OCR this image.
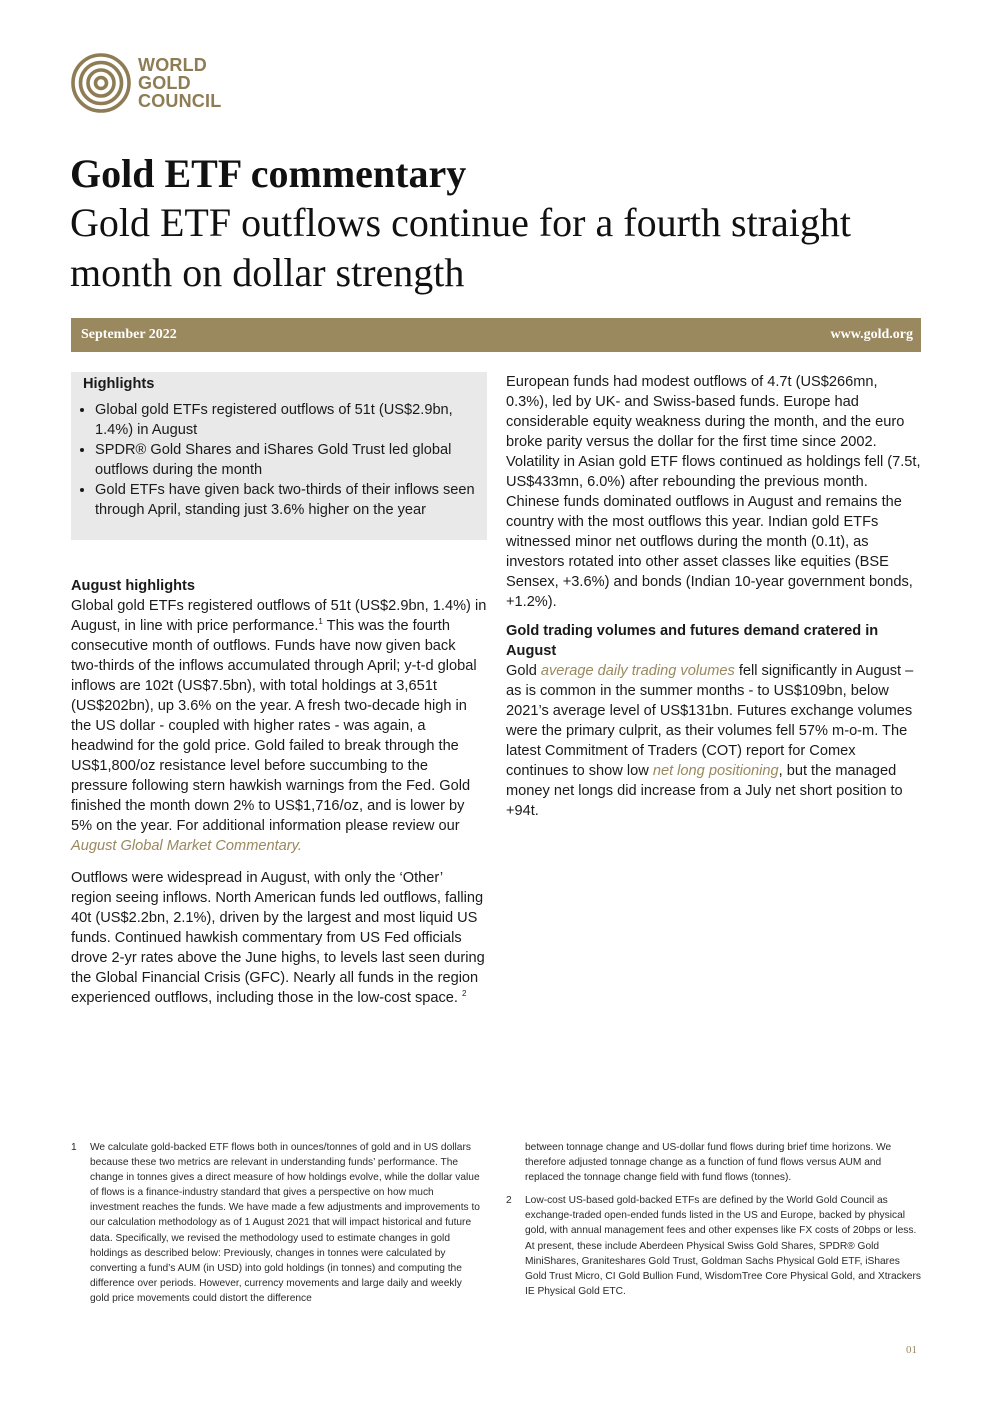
WORLD
GOLD
COUNCIL
Gold ETF commentary
Gold ETF outflows continue for a fourth straight month on dollar strength
September 2022	www.gold.org
Highlights
• Global gold ETFs registered outflows of 51t (US$2.9bn, 1.4%) in August
• SPDR® Gold Shares and iShares Gold Trust led global outflows during the month
• Gold ETFs have given back two-thirds of their inflows seen through April, standing just 3.6% higher on the year

August highlights

Global gold ETFs registered outflows of 51t (US$2.9bn, 1.4%) in August, in line with price performance.$^1$ This was the fourth consecutive month of outflows. Funds have now given back two-thirds of the inflows accumulated through April; y-t-d global inflows are 102t (US$7.5bn), with total holdings at 3,651t (US$202bn), up 3.6% on the year. A fresh two-decade high in the US dollar - coupled with higher rates - was again, a headwind for the gold price. Gold failed to break through the US$1,800/oz resistance level before succumbing to the pressure following stern hawkish warnings from the Fed. Gold finished the month down 2% to US$1,716/oz, and is lower by 5% on the year. For additional information please review our August Global Market Commentary.

Outflows were widespread in August, with only the ‘Other’ region seeing inflows. North American funds led outflows, falling 40t (US$2.2bn, 2.1%), driven by the largest and most liquid US funds. Continued hawkish commentary from US Fed officials drove 2-yr rates above the June highs, to levels last seen during the Global Financial Crisis (GFC). Nearly all funds in the region experienced outflows, including those in the low-cost space. $^2$

European funds had modest outflows of 4.7t (US$266mn, 0.3%), led by UK- and Swiss-based funds. Europe had considerable equity weakness during the month, and the euro broke parity versus the dollar for the first time since 2002. Volatility in Asian gold ETF flows continued as holdings fell (7.5t, US$433mn, 6.0%) after rebounding the previous month. Chinese funds dominated outflows in August and remains the country with the most outflows this year. Indian gold ETFs witnessed minor net outflows during the month (0.1t), as investors rotated into other asset classes like equities (BSE Sensex, +3.6%) and bonds (Indian 10-year government bonds, +1.2%).

Gold trading volumes and futures demand cratered in August

Gold average daily trading volumes fell significantly in August – as is common in the summer months - to US$109bn, below 2021’s average level of US$131bn. Futures exchange volumes were the primary culprit, as their volumes fell 57% m-o-m. The latest Commitment of Traders (COT) report for Comex continues to show low net long positioning, but the managed money net longs did increase from a July net short position to +94t.

1	We calculate gold-backed ETF flows both in ounces/tonnes of gold and in US dollars because these two metrics are relevant in understanding funds’ performance. The change in tonnes gives a direct measure of how holdings evolve, while the dollar value of flows is a finance-industry standard that gives a perspective on how much investment reaches the funds. We have made a few adjustments and improvements to our calculation methodology as of 1 August 2021 that will impact historical and future data. Specifically, we revised the methodology used to estimate changes in gold holdings as described below: Previously, changes in tonnes were calculated by converting a fund’s AUM (in USD) into gold holdings (in tonnes) and computing the difference over periods. However, currency movements and large daily and weekly gold price movements could distort the difference
between tonnage change and US-dollar fund flows during brief time horizons. We therefore adjusted tonnage change as a function of fund flows versus AUM and replaced the tonnage change field with fund flows (tonnes).
2	Low-cost US-based gold-backed ETFs are defined by the World Gold Council as exchange-traded open-ended funds listed in the US and Europe, backed by physical gold, with annual management fees and other expenses like FX costs of 20bps or less. At present, these include Aberdeen Physical Swiss Gold Shares, SPDR® Gold MiniShares, Graniteshares Gold Trust, Goldman Sachs Physical Gold ETF, iShares Gold Trust Micro, CI Gold Bullion Fund, WisdomTree Core Physical Gold, and Xtrackers IE Physical Gold ETC.
01
